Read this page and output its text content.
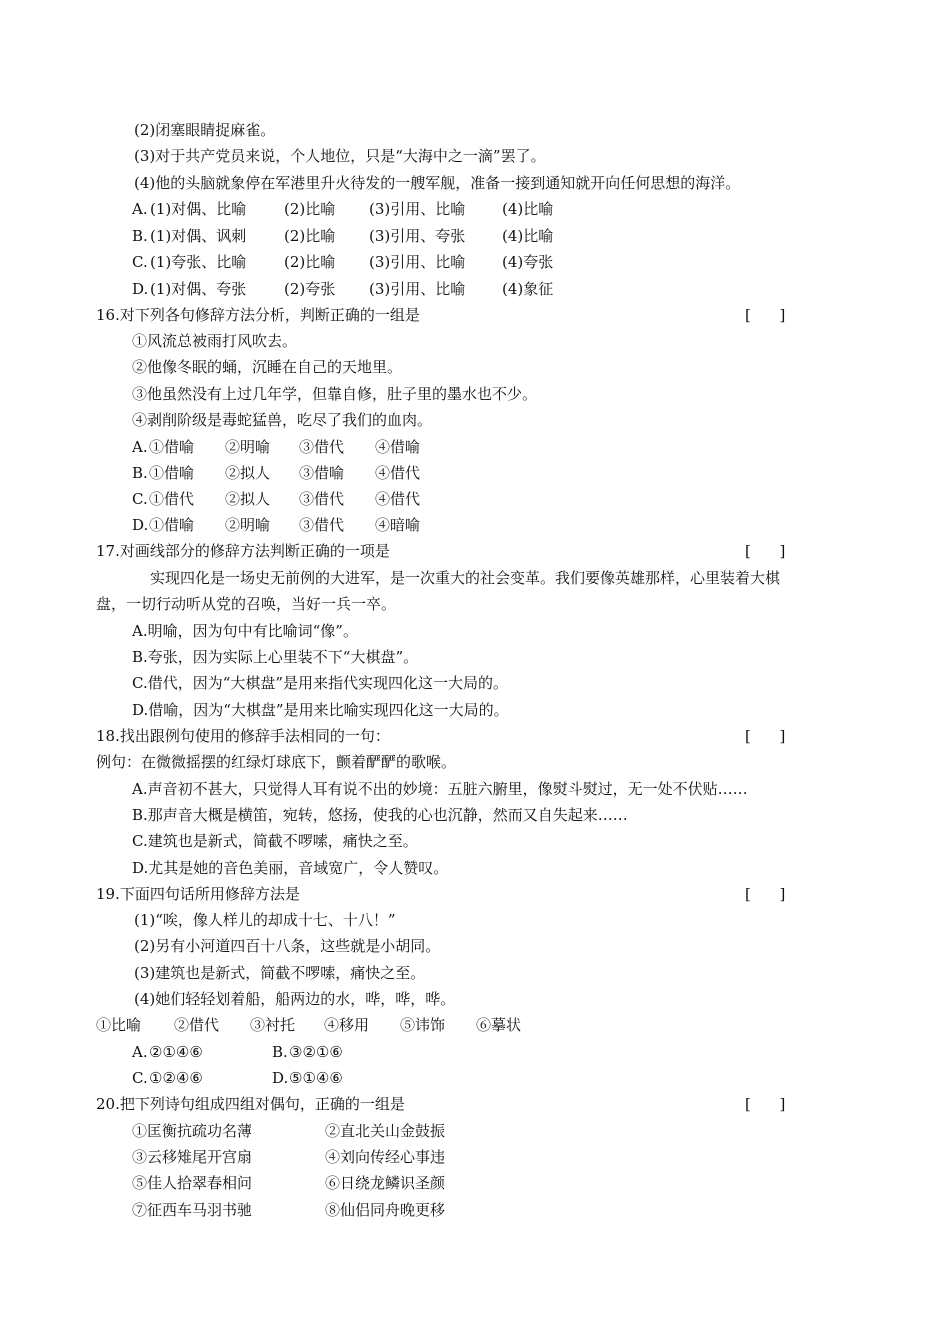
(2)闭塞眼睛捉麻雀。
(3)对于共产党员来说，个人地位，只是“大海中之一滴”罢了。
(4)他的头脑就象停在军港里升火待发的一艘军舰，准备一接到通知就开向任何思想的海洋。
A. (1)对偶、比喻	(2)比喻 (3)引用、比喻 (4)比喻
B. (1)对偶、讽刺	(2)比喻 (3)引用、夸张 (4)比喻
C. (1)夸张、比喻	(2)比喻 (3)引用、比喻 (4)夸张
D. (1)对偶、夸张	(2)夸张 (3)引用、比喻 (4)象征
16.对下列各句修辞方法分析，判断正确的一组是	[      ]
①风流总被雨打风吹去。
②他像冬眠的蛹，沉睡在自己的天地里。
③他虽然没有上过几年学，但靠自修，肚子里的墨水也不少。
④剥削阶级是毒蛇猛兽，吃尽了我们的血肉。
A. ①借喻 ②明喻 ③借代 ④借喻
B. ①借喻 ②拟人 ③借喻 ④借代
C. ①借代 ②拟人 ③借代 ④借代
D. ①借喻 ②明喻 ③借代 ④暗喻
17.对画线部分的修辞方法判断正确的一项是	[      ]
实现四化是一场史无前例的大进军，是一次重大的社会变革。我们要像英雄那样，心里装着大棋
盘，一切行动听从党的召唤，当好一兵一卒。
A.明喻，因为句中有比喻词“像”。
B.夸张，因为实际上心里装不下“大棋盘”。
C.借代，因为“大棋盘”是用来指代实现四化这一大局的。
D.借喻，因为“大棋盘”是用来比喻实现四化这一大局的。
18.找出跟例句使用的修辞手法相同的一句：	[      ]
例句：在微微摇摆的红绿灯球底下，颤着酽酽的歌喉。
A.声音初不甚大，只觉得人耳有说不出的妙境：五脏六腑里，像熨斗熨过，无一处不伏贴……
B.那声音大概是横笛，宛转，悠扬，使我的心也沉静，然而又自失起来……
C.建筑也是新式，简截不啰嗦，痛快之至。
D.尤其是她的音色美丽，音域宽广，令人赞叹。
19.下面四句话所用修辞方法是	[      ]
(1)“唉，像人样儿的却成十七、十八！”
(2)另有小河道四百十八条，这些就是小胡同。
(3)建筑也是新式，简截不啰嗦，痛快之至。
(4)她们轻轻划着船，船两边的水，哗，哗，哗。
①比喻 ②借代 ③衬托 ④移用 ⑤讳饰 ⑥摹状
A. ②①④⑥	B. ③②①⑥
C. ①②④⑥	D. ⑤①④⑥
20.把下列诗句组成四组对偶句，正确的一组是	[      ]
①匡衡抗疏功名薄	②直北关山金鼓振
③云移雉尾开宫扇	④刘向传经心事违
⑤佳人拾翠春相问	⑥日绕龙鳞识圣颜
⑦征西车马羽书驰	⑧仙侣同舟晚更移
